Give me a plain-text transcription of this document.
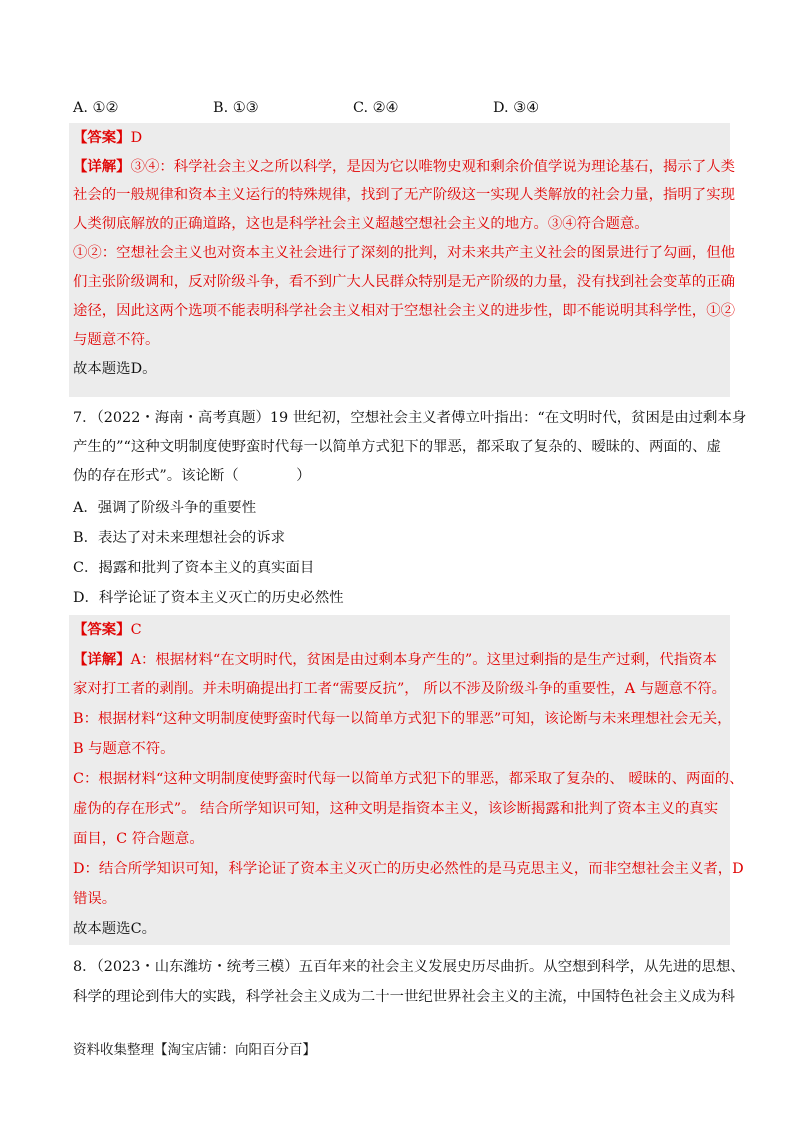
A. ①②	B. ①③	C. ②④	D. ③④
【答案】D
【详解】③④：科学社会主义之所以科学，是因为它以唯物史观和剩余价值学说为理论基石，揭示了人类
社会的一般规律和资本主义运行的特殊规律，找到了无产阶级这一实现人类解放的社会力量，指明了实现
人类彻底解放的正确道路，这也是科学社会主义超越空想社会主义的地方。③④符合题意。
①②：空想社会主义也对资本主义社会进行了深刻的批判，对未来共产主义社会的图景进行了勾画，但他
们主张阶级调和，反对阶级斗争，看不到广大人民群众特别是无产阶级的力量，没有找到社会变革的正确
途径，因此这两个选项不能表明科学社会主义相对于空想社会主义的进步性，即不能说明其科学性，①②
与题意不符。
故本题选D。
7．（2022・海南・高考真题）19 世纪初，空想社会主义者傅立叶指出：“在文明时代，贫困是由过剩本身
产生的”“这种文明制度使野蛮时代每一以简单方式犯下的罪恶，都采取了复杂的、暧昧的、两面的、虚
伪的存在形式”。该论断（　　　　）
A．强调了阶级斗争的重要性
B．表达了对未来理想社会的诉求
C．揭露和批判了资本主义的真实面目
D．科学论证了资本主义灭亡的历史必然性
【答案】C
【详解】A：根据材料“在文明时代，贫困是由过剩本身产生的”。这里过剩指的是生产过剩，代指资本
家对打工者的剥削。并未明确提出打工者“需要反抗”， 所以不涉及阶级斗争的重要性，A 与题意不符。
B：根据材料“这种文明制度使野蛮时代每一以简单方式犯下的罪恶”可知，该论断与未来理想社会无关，
B 与题意不符。
C：根据材料“这种文明制度使野蛮时代每一以简单方式犯下的罪恶，都采取了复杂的、 暧昧的、两面的、
虚伪的存在形式”。 结合所学知识可知，这种文明是指资本主义，该诊断揭露和批判了资本主义的真实
面目，C 符合题意。
D：结合所学知识可知，科学论证了资本主义灭亡的历史必然性的是马克思主义，而非空想社会主义者，D
错误。
故本题选C。
8．（2023・山东潍坊・统考三模）五百年来的社会主义发展史历尽曲折。从空想到科学，从先进的思想、
科学的理论到伟大的实践，科学社会主义成为二十一世纪世界社会主义的主流，中国特色社会主义成为科
资料收集整理【淘宝店铺：向阳百分百】
